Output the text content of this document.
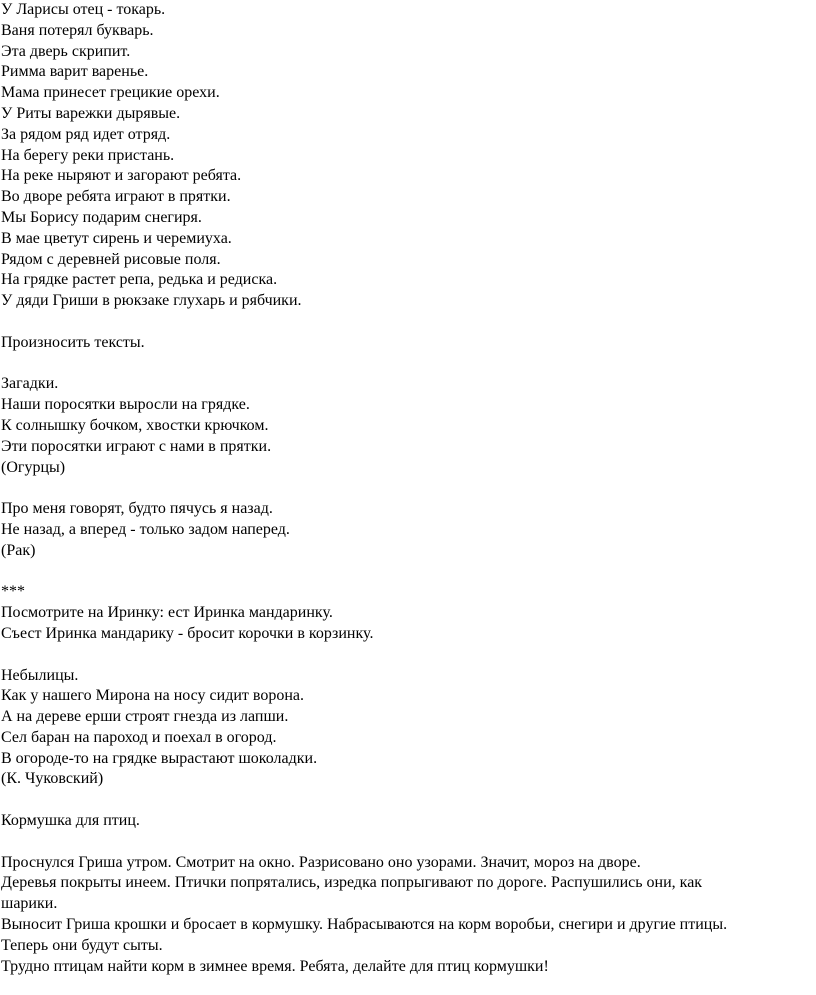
У Ларисы отец - токарь.
Ваня потерял букварь.
Эта дверь скрипит.
Римма варит варенье.
Мама принесет грецикие орехи.
У Риты варежки дырявые.
За рядом ряд идет отряд.
На берегу реки пристань.
На реке ныряют и загорают ребята.
Во дворе ребята играют в прятки.
Мы Борису подарим снегиря.
В мае цветут сирень и черемиуха.
Рядом с деревней рисовые поля.
На грядке растет репа, редька и редиска.
У дяди Гриши в рюкзаке глухарь и рябчики.
Произносить тексты.
Загадки.
Наши поросятки выросли на грядке.
К солнышку бочком, хвостки крючком.
Эти поросятки играют с нами в прятки.
(Огурцы)
Про меня говорят, будто пячусь я назад.
Не назад, а вперед - только задом наперед.
(Рак)
***
Посмотрите на Иринку: ест Иринка мандаринку.
Съест Иринка мандарику - бросит корочки в корзинку.
Небылицы.
Как у нашего Мирона на носу сидит ворона.
А на дереве ерши строят гнезда из лапши.
Сел баран на пароход и поехал в огород.
В огороде-то на грядке вырастают шоколадки.
(К. Чуковский)
Кормушка для птиц.
Проснулся Гриша утром. Смотрит на окно. Разрисовано оно узорами. Значит, мороз на дворе.
Деревья покрыты инеем. Птички попрятались, изредка попрыгивают по дороге. Распушились они, как шарики.
Выносит Гриша крошки и бросает в кормушку. Набрасываются на корм воробьи, снегири и другие птицы. Теперь они будут сыты.
Трудно птицам найти корм в зимнее время. Ребята, делайте для птиц кормушки!
